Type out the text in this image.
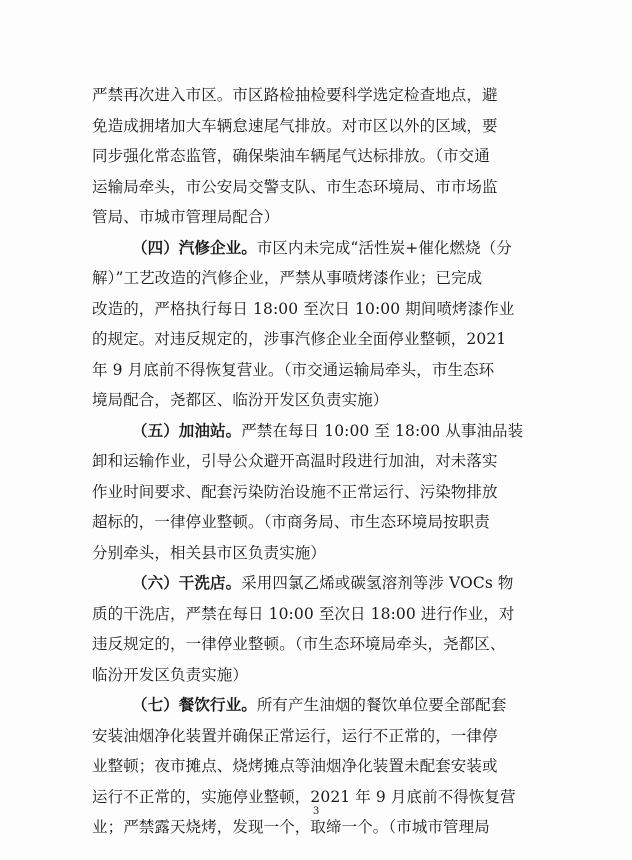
严禁再次进入市区。市区路检抽检要科学选定检查地点，避
免造成拥堵加大车辆怠速尾气排放。对市区以外的区域，要
同步强化常态监管，确保柴油车辆尾气达标排放。（市交通
运输局牵头，市公安局交警支队、市生态环境局、市市场监
管局、市城市管理局配合）
（四）汽修企业。市区内未完成“活性炭+催化燃烧（分
解）”工艺改造的汽修企业，严禁从事喷烤漆作业；已完成
改造的，严格执行每日 18:00 至次日 10:00 期间喷烤漆作业
的规定。对违反规定的，涉事汽修企业全面停业整顿，2021
年 9 月底前不得恢复营业。（市交通运输局牵头，市生态环
境局配合，尧都区、临汾开发区负责实施）
（五）加油站。严禁在每日 10:00 至 18:00 从事油品装
卸和运输作业，引导公众避开高温时段进行加油，对未落实
作业时间要求、配套污染防治设施不正常运行、污染物排放
超标的，一律停业整顿。（市商务局、市生态环境局按职责
分别牵头，相关县市区负责实施）
（六）干洗店。采用四氯乙烯或碳氢溶剂等涉 VOCs 物
质的干洗店，严禁在每日 10:00 至次日 18:00 进行作业，对
违反规定的，一律停业整顿。（市生态环境局牵头，尧都区、
临汾开发区负责实施）
（七）餐饮行业。所有产生油烟的餐饮单位要全部配套
安装油烟净化装置并确保正常运行，运行不正常的，一律停
业整顿；夜市摊点、烧烤摊点等油烟净化装置未配套安装或
运行不正常的，实施停业整顿，2021 年 9 月底前不得恢复营
业；严禁露天烧烤，发现一个，取缔一个。（市城市管理局
3
